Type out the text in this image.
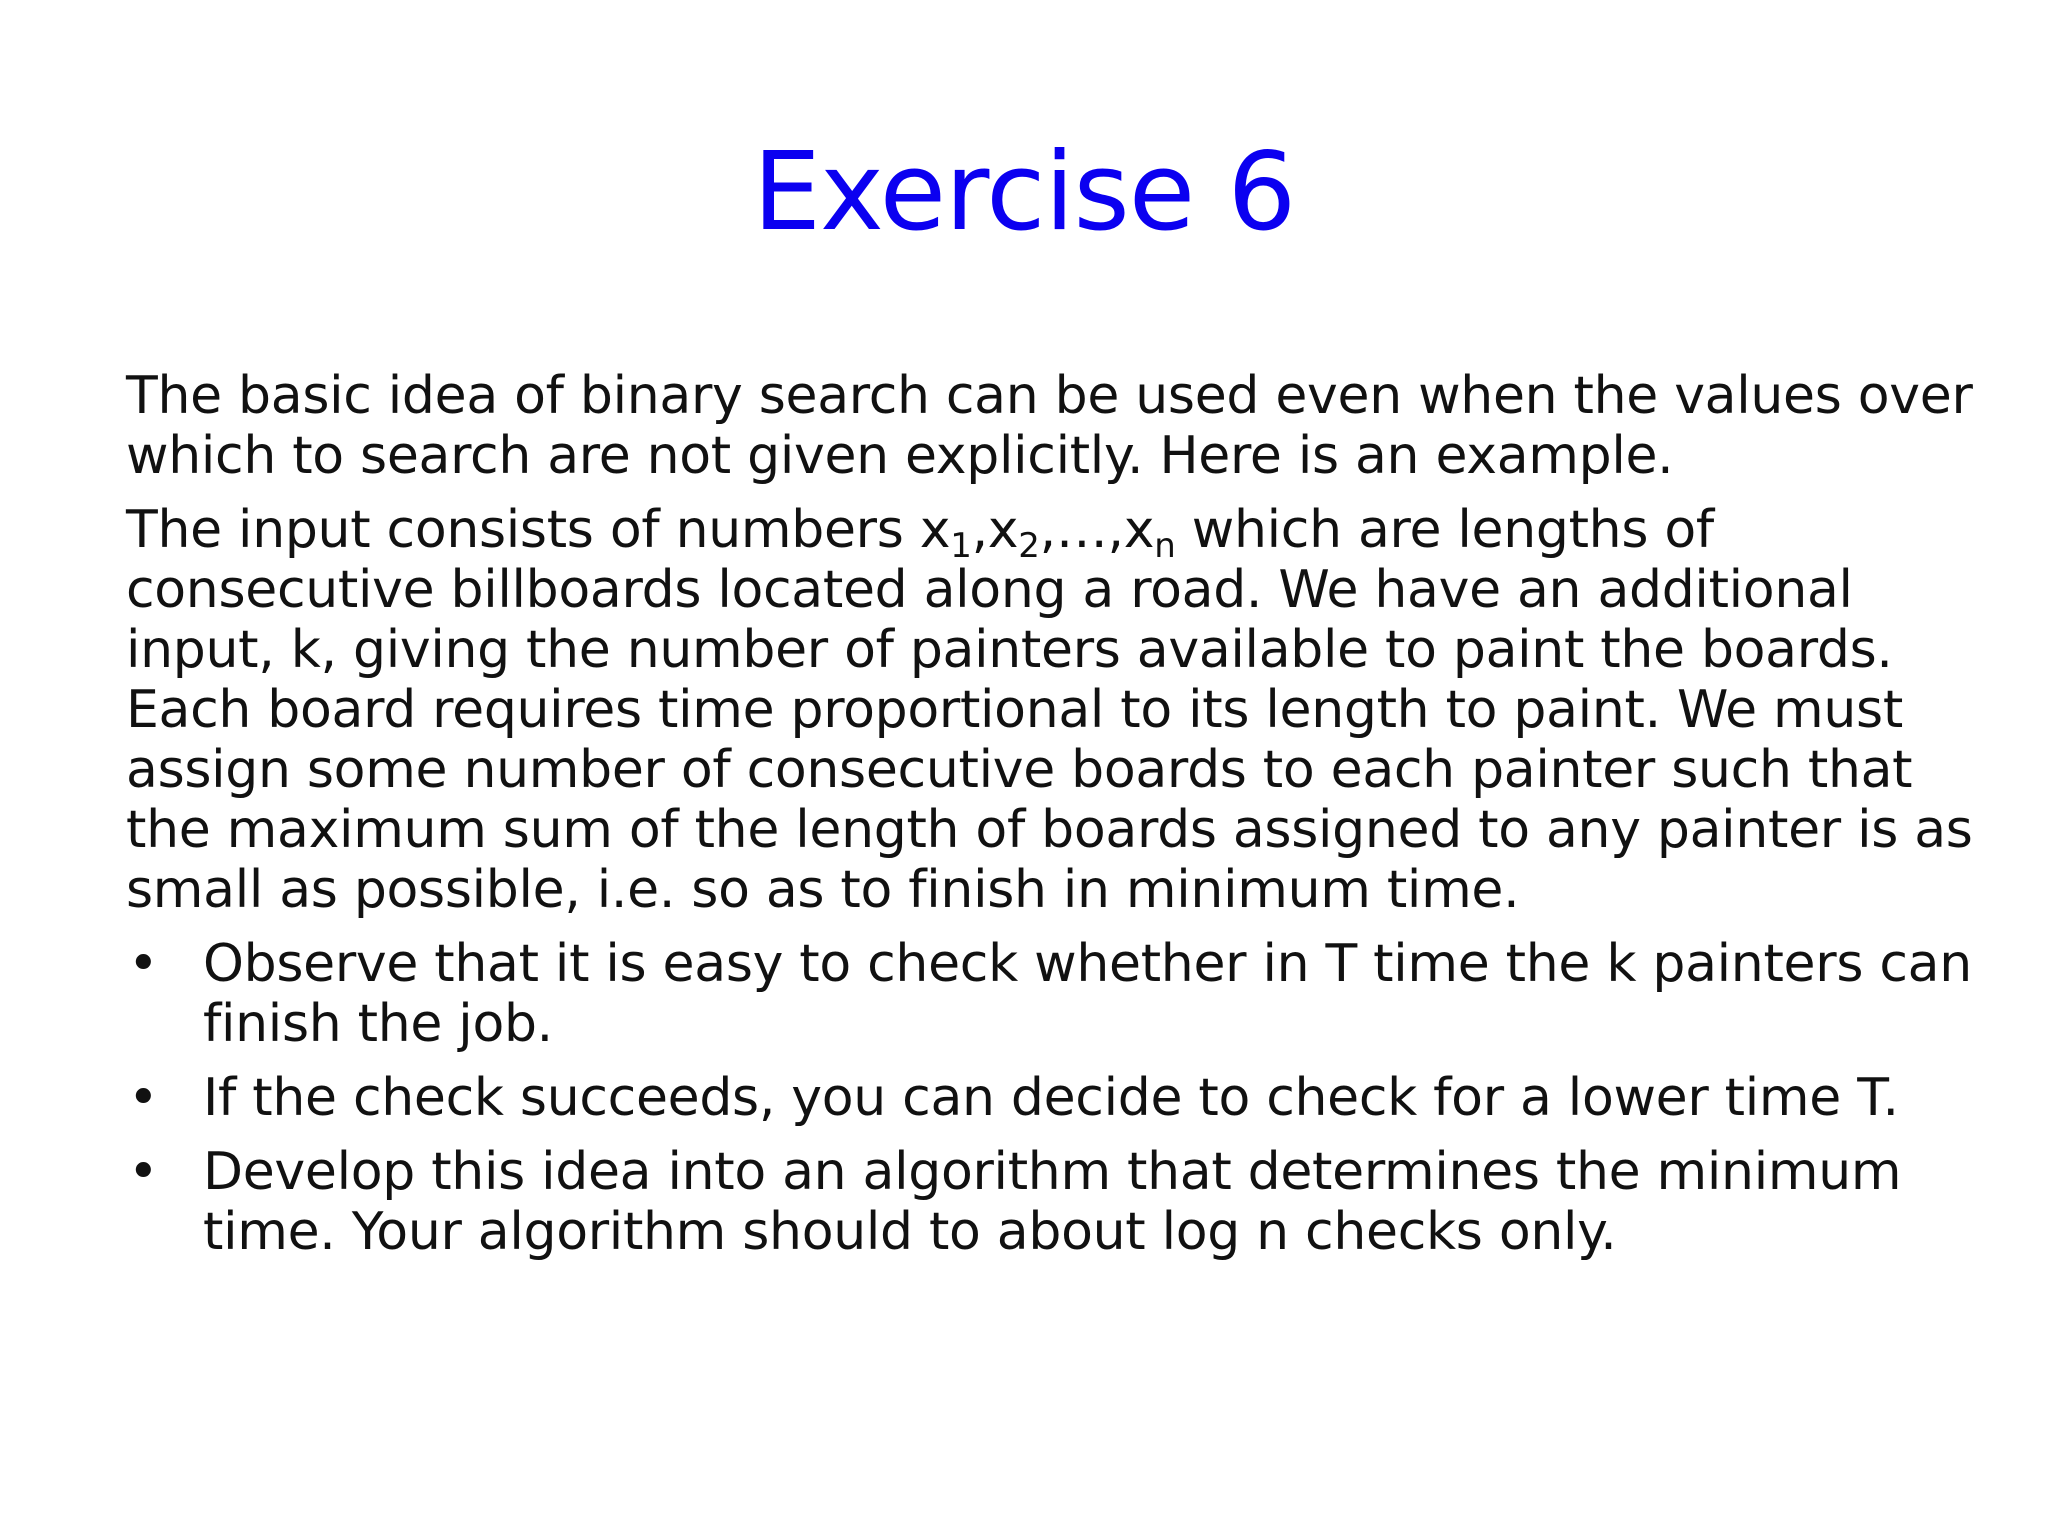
Exercise 6

The basic idea of binary search can be used even when the values over
which to search are not given explicitly. Here is an example.

The input consists of numbers $x_1,x_2,\dots,x_n$ which are lengths of
consecutive billboards located along a road. We have an additional
input, k, giving the number of painters available to paint the boards.
Each board requires time proportional to its length to paint. We must
assign some number of consecutive boards to each painter such that
the maximum sum of the length of boards assigned to any painter is as
small as possible, i.e. so as to finish in minimum time.

• Observe that it is easy to check whether in T time the k painters can
finish the job.
• If the check succeeds, you can decide to check for a lower time T.
• Develop this idea into an algorithm that determines the minimum
time. Your algorithm should to about log n checks only.
